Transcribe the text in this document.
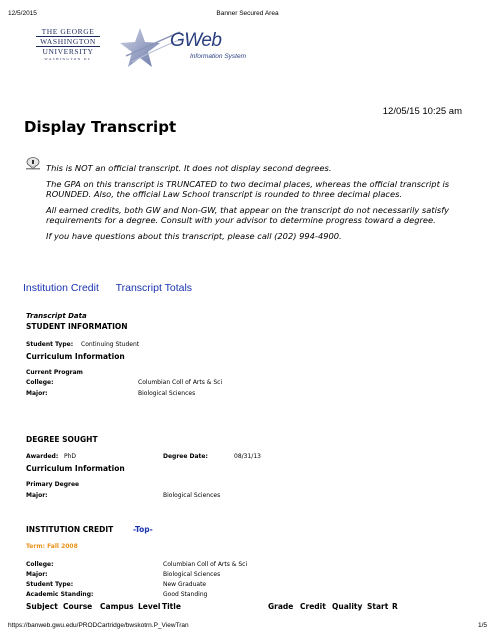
12/5/2015	Banner Secured Area
THE GEORGE
WASHINGTON
UNIVERSITY
WASHINGTON DC
GWeb
Information System
12/05/15 10:25 am
Display Transcript

This is NOT an official transcript. It does not display second degrees.

The GPA on this transcript is TRUNCATED to two decimal places, whereas the official transcript is ROUNDED. Also, the official Law School transcript is rounded to three decimal places.

All earned credits, both GW and Non-GW, that appear on the transcript do not necessarily satisfy requirements for a degree. Consult with your advisor to determine progress toward a degree.

If you have questions about this transcript, please call (202) 994-4900.

Institution Credit Transcript Totals
Transcript Data
STUDENT INFORMATION
Student Type: Continuing Student
Curriculum Information
Current Program
College:	Columbian Coll of Arts & Sci
Major:	Biological Sciences
DEGREE SOUGHT
Awarded: PhD	Degree Date:	08/31/13
Curriculum Information
Primary Degree
Major:	Biological Sciences
INSTITUTION CREDIT	-Top-
Term: Fall 2008
College:	Columbian Coll of Arts & Sci
Major:	Biological Sciences
Student Type:	New Graduate
Academic Standing:	Good Standing
Subject Course Campus Level Title	Grade Credit Quality Start R
https://banweb.gwu.edu/PRODCartridge/bwskotrn.P_ViewTran	1/5
